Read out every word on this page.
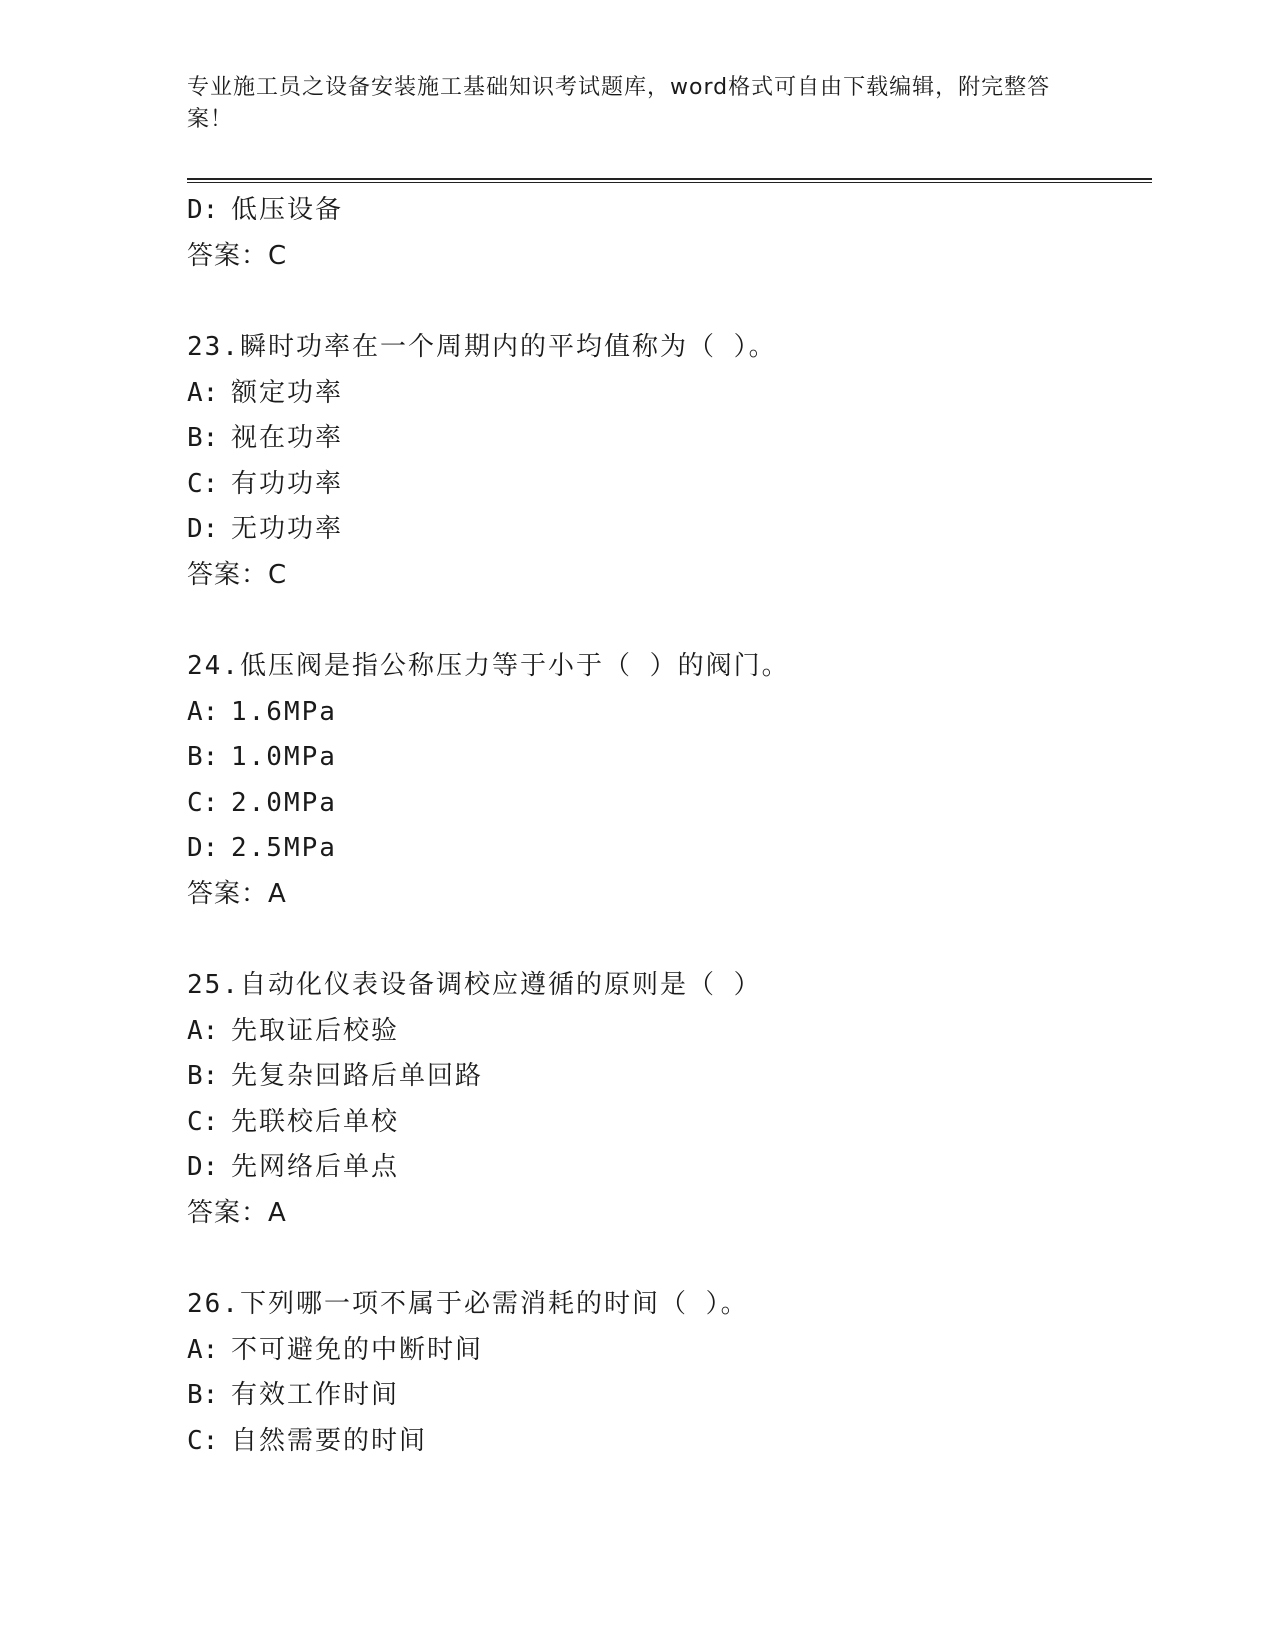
专业施工员之设备安装施工基础知识考试题库，word格式可自由下载编辑，附完整答案！
D: 低压设备
答案：C
23.瞬时功率在一个周期内的平均值称为（ ）。
A: 额定功率
B: 视在功率
C: 有功功率
D: 无功功率
答案：C
24.低压阀是指公称压力等于小于（ ）的阀门。
A: 1.6MPa
B: 1.0MPa
C: 2.0MPa
D: 2.5MPa
答案：A
25.自动化仪表设备调校应遵循的原则是（ ）
A: 先取证后校验
B: 先复杂回路后单回路
C: 先联校后单校
D: 先网络后单点
答案：A
26.下列哪一项不属于必需消耗的时间（ ）。
A: 不可避免的中断时间
B: 有效工作时间
C: 自然需要的时间
